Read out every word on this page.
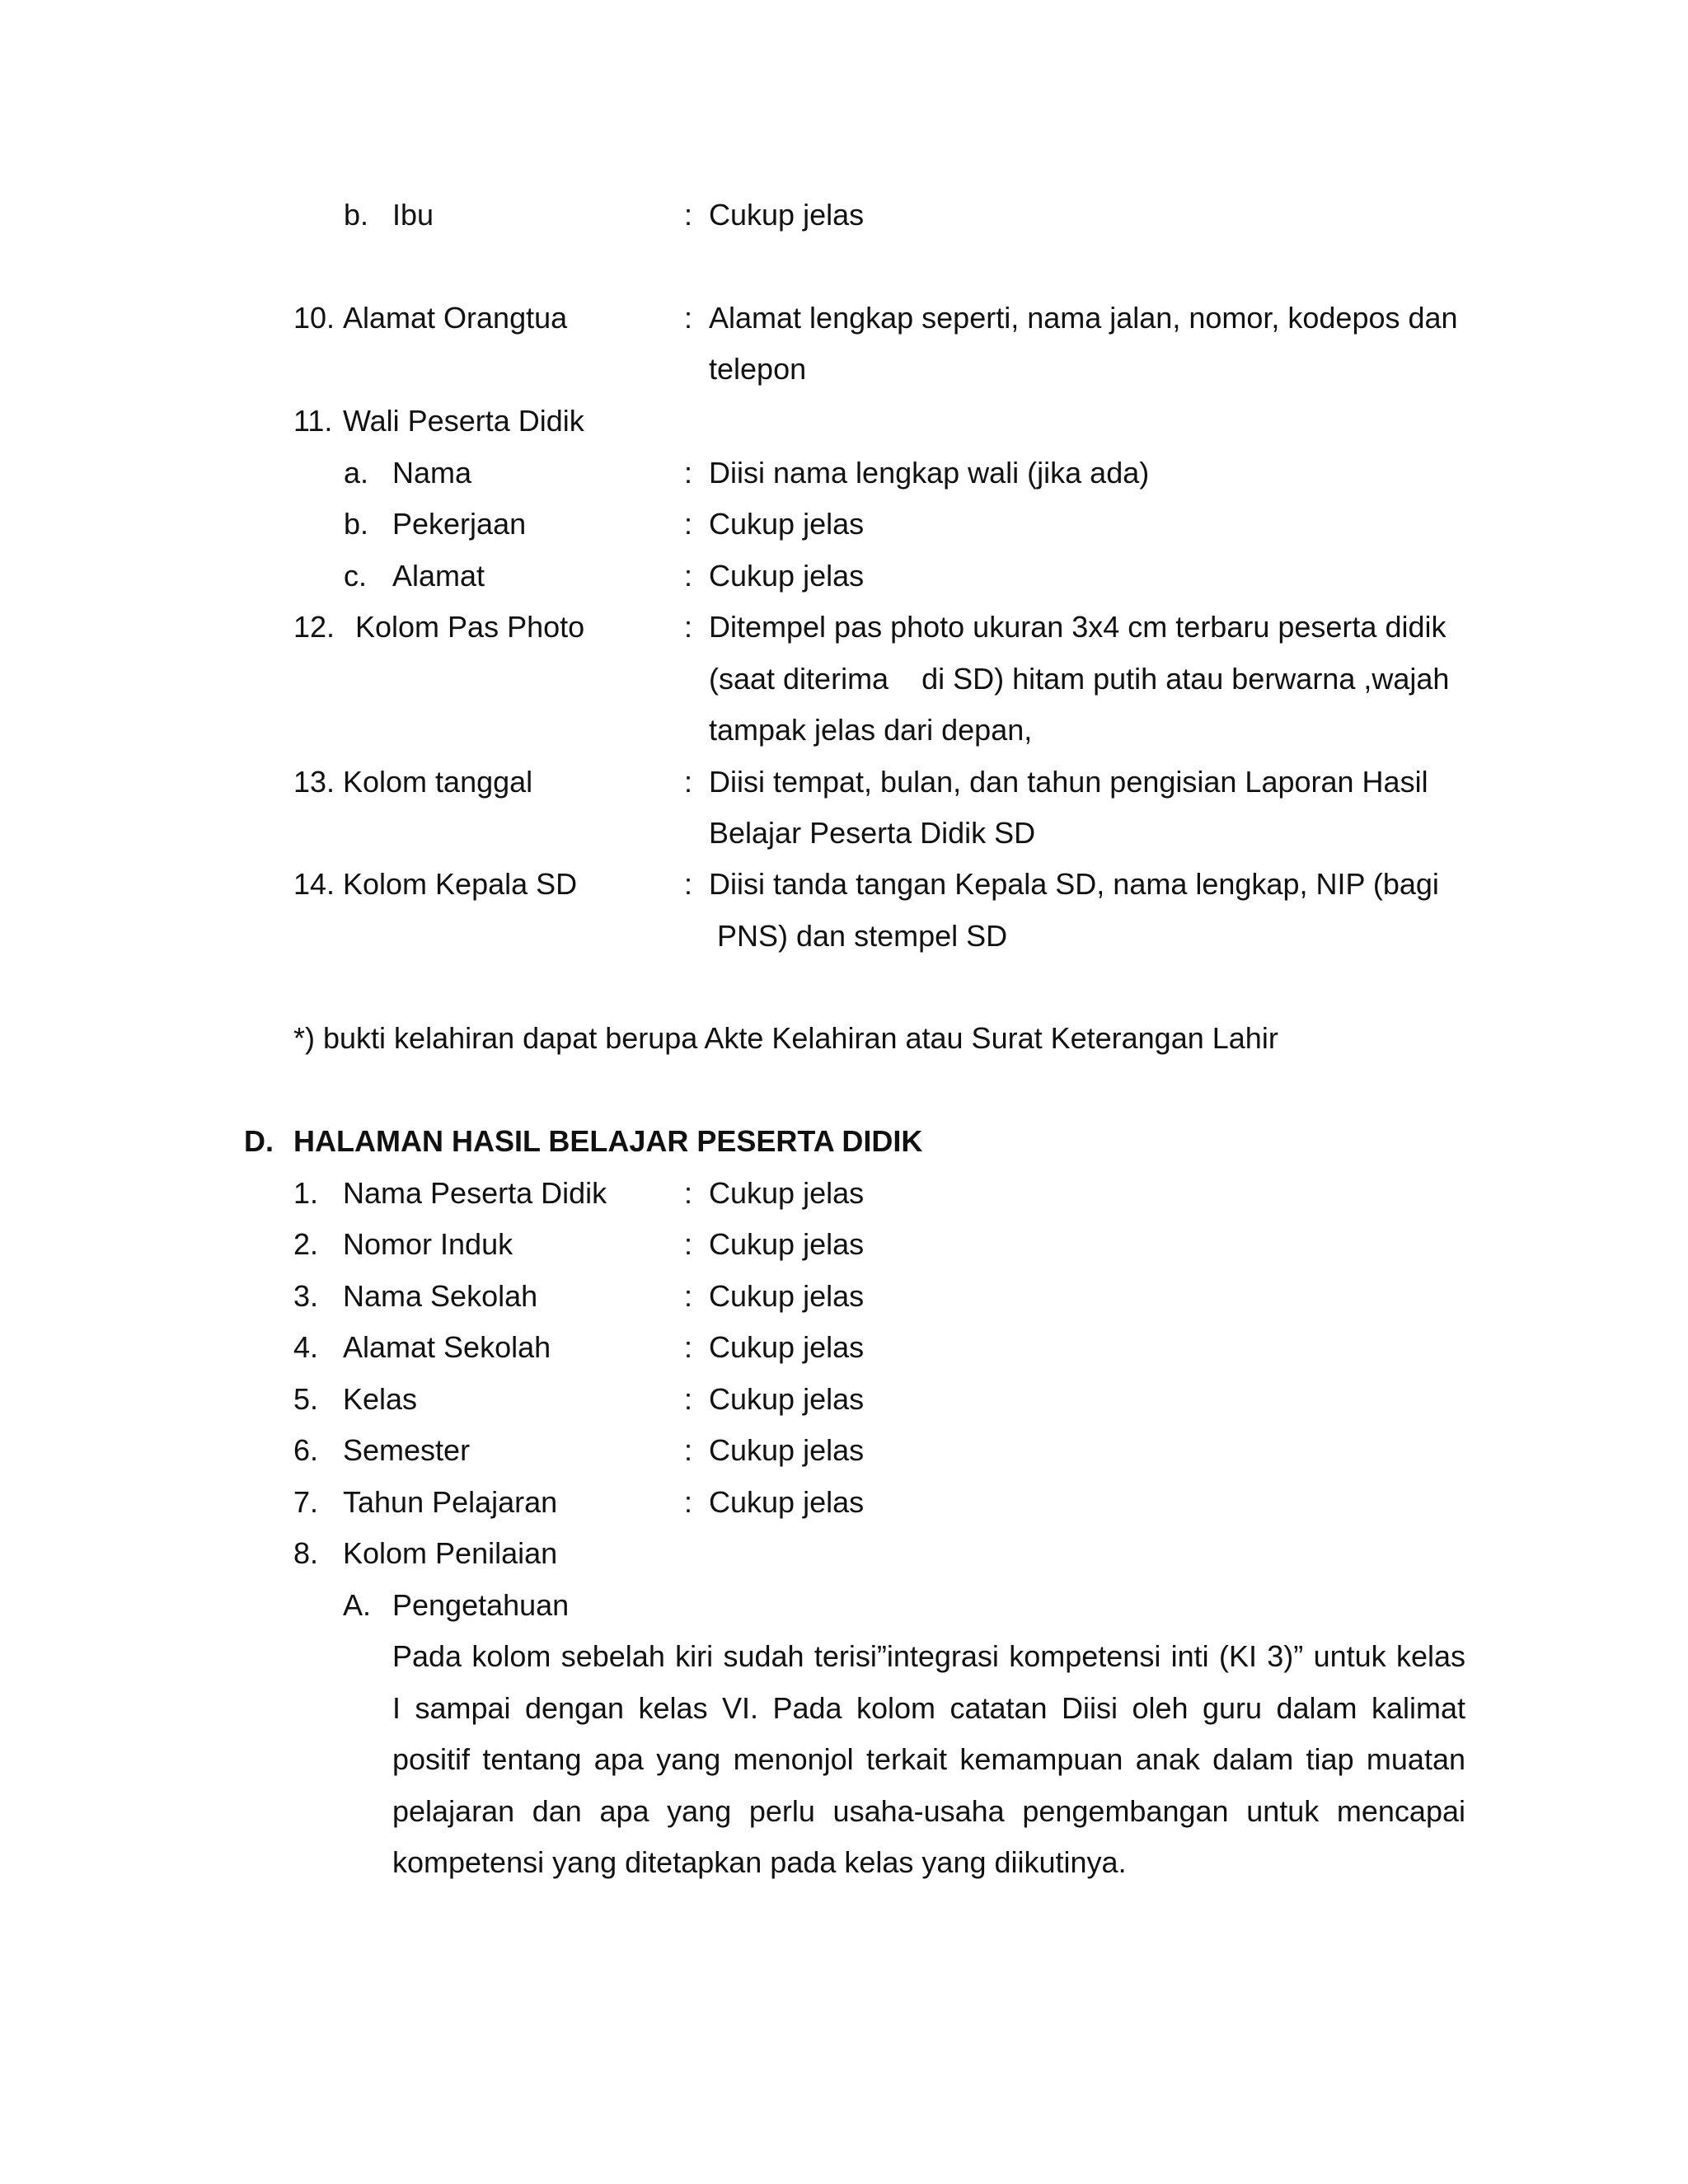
b. Ibu	: Cukup jelas
10. Alamat Orangtua	: Alamat lengkap seperti, nama jalan, nomor, kodepos dan
telepon
11. Wali Peserta Didik
a. Nama	: Diisi nama lengkap wali (jika ada)
b. Pekerjaan	: Cukup jelas
c. Alamat	: Cukup jelas
12. Kolom Pas Photo	: Ditempel pas photo ukuran 3x4 cm terbaru peserta didik
(saat diterima    di SD) hitam putih atau berwarna ,wajah
tampak jelas dari depan,
13. Kolom tanggal	: Diisi tempat, bulan, dan tahun pengisian Laporan Hasil
Belajar Peserta Didik SD
14. Kolom Kepala SD	: Diisi tanda tangan Kepala SD, nama lengkap, NIP (bagi
PNS) dan stempel SD
*) bukti kelahiran dapat berupa Akte Kelahiran atau Surat Keterangan Lahir
D. HALAMAN HASIL BELAJAR PESERTA DIDIK
1. Nama Peserta Didik	: Cukup jelas
2. Nomor Induk	: Cukup jelas
3. Nama Sekolah	: Cukup jelas
4. Alamat Sekolah	: Cukup jelas
5. Kelas	: Cukup jelas
6. Semester	: Cukup jelas
7. Tahun Pelajaran	: Cukup jelas
8. Kolom Penilaian
A. Pengetahuan
Pada kolom sebelah kiri sudah terisi”integrasi kompetensi inti (KI 3)” untuk kelas
I sampai dengan kelas VI. Pada kolom catatan Diisi oleh guru dalam kalimat
positif tentang apa yang menonjol terkait kemampuan anak dalam tiap muatan
pelajaran dan apa yang perlu usaha-usaha pengembangan untuk mencapai
kompetensi yang ditetapkan pada kelas yang diikutinya.
